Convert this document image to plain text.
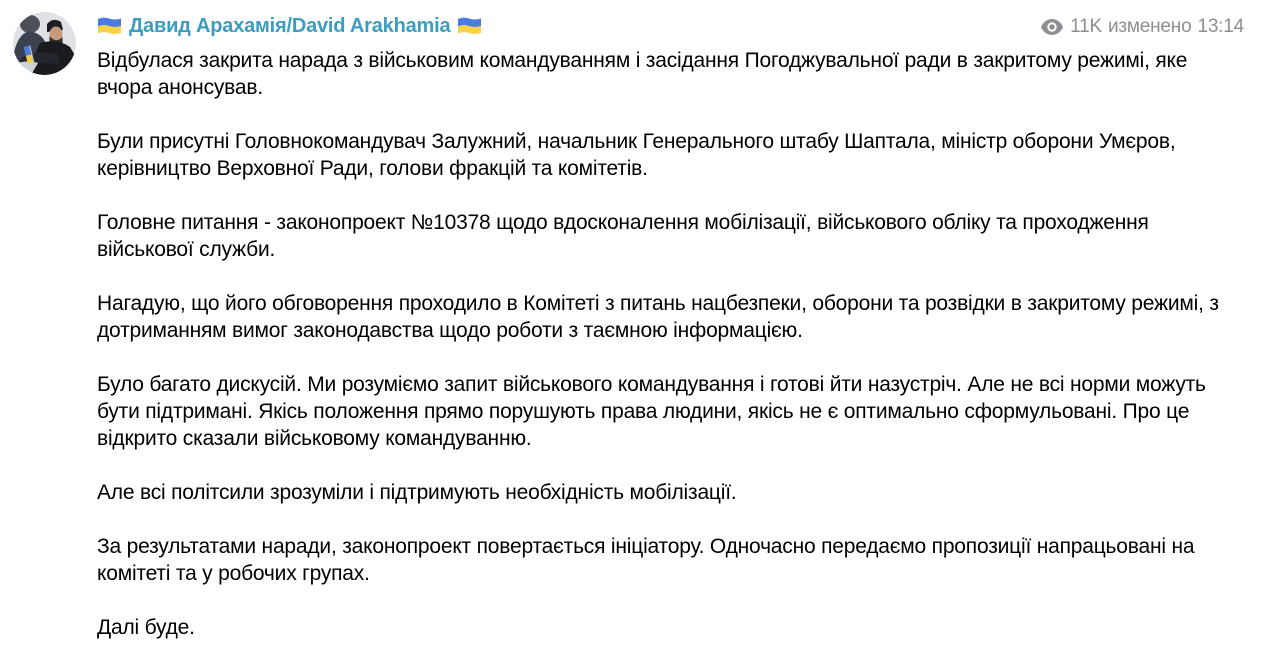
Давид Арахамія/David Arakhamia	11K изменено 13:14

Відбулася закрита нарада з військовим командуванням і засідання Погоджувальної ради в закритому режимі, яке вчора анонсував.

Були присутні Головнокомандувач Залужний, начальник Генерального штабу Шаптала, міністр оборони Умєров, керівництво Верховної Ради, голови фракцій та комітетів.

Головне питання - законопроект №10378 щодо вдосконалення мобілізації, військового обліку та проходження військової служби.

Нагадую, що його обговорення проходило в Комітеті з питань нацбезпеки, оборони та розвідки в закритому режимі, з дотриманням вимог законодавства щодо роботи з таємною інформацією.

Було багато дискусій. Ми розуміємо запит військового командування і готові йти назустріч. Але не всі норми можуть бути підтримані. Якісь положення прямо порушують права людини, якісь не є оптимально сформульовані. Про це відкрито сказали військовому командуванню.

Але всі політсили зрозуміли і підтримують необхідність мобілізації.

За результатами наради, законопроект повертається ініціатору. Одночасно передаємо пропозиції напрацьовані на комітеті та у робочих групах.

Далі буде.
